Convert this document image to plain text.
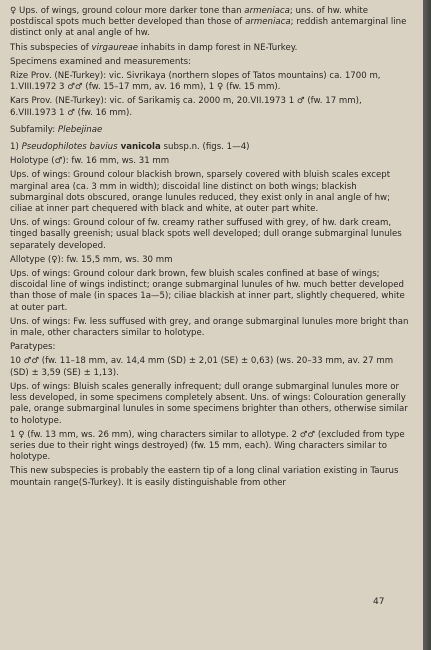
♀ Ups. of wings, ground colour more darker tone than armeniaca; uns. of hw. white postdiscal spots much better developed than those of armeniaca; reddish antemarginal line distinct only at anal angle of hw.

This subspecies of virgaureae inhabits in damp forest in NE-Turkey.

Specimens examined and measurements:

Rize Prov. (NE-Turkey): vic. Sivrikaya (northern slopes of Tatos mountains) ca. 1700 m, 1.VIII.1972 3 ♂♂ (fw. 15–17 mm, av. 16 mm), 1 ♀ (fw. 15 mm).

Kars Prov. (NE-Turkey): vic. of Sarikamiş ca. 2000 m, 20.VII.1973 1 ♂ (fw. 17 mm), 6.VIII.1973 1 ♂ (fw. 16 mm).

Subfamily: Plebejinae

1) Pseudophilotes bavius vanicola subsp.n. (figs. 1—4)

Holotype (♂): fw. 16 mm, ws. 31 mm

Ups. of wings: Ground colour blackish brown, sparsely covered with bluish scales except marginal area (ca. 3 mm in width); discoidal line distinct on both wings; blackish submarginal dots obscured, orange lunules reduced, they exist only in anal angle of hw; ciliae at inner part chequered with black and white, at outer part white.

Uns. of wings: Ground colour of fw. creamy rather suffused with grey, of hw. dark cream, tinged basally greenish; usual black spots well developed; dull orange submarginal lunules separately developed.

Allotype (♀): fw. 15,5 mm, ws. 30 mm

Ups. of wings: Ground colour dark brown, few bluish scales confined at base of wings; discoidal line of wings indistinct; orange submarginal lunules of hw. much better developed than those of male (in spaces 1a—5); ciliae blackish at inner part, slightly chequered, white at outer part.

Uns. of wings: Fw. less suffused with grey, and orange submarginal lunules more bright than in male, other characters similar to holotype.

Paratypes:

10 ♂♂ (fw. 11–18 mm, av. 14,4 mm (SD) ± 2,01 (SE) ± 0,63) (ws. 20–33 mm, av. 27 mm (SD) ± 3,59 (SE) ± 1,13).

Ups. of wings: Bluish scales generally infrequent; dull orange submarginal lunules more or less developed, in some specimens completely absent. Uns. of wings: Colouration generally pale, orange submarginal lunules in some specimens brighter than others, otherwise similar to holotype.

1 ♀ (fw. 13 mm, ws. 26 mm), wing characters similar to allotype. 2 ♂♂ (excluded from type series due to their right wings destroyed) (fw. 15 mm, each). Wing characters similar to holotype.

This new subspecies is probably the eastern tip of a long clinal variation existing in Taurus mountain range(S-Turkey). It is easily distinguishable from other

47
